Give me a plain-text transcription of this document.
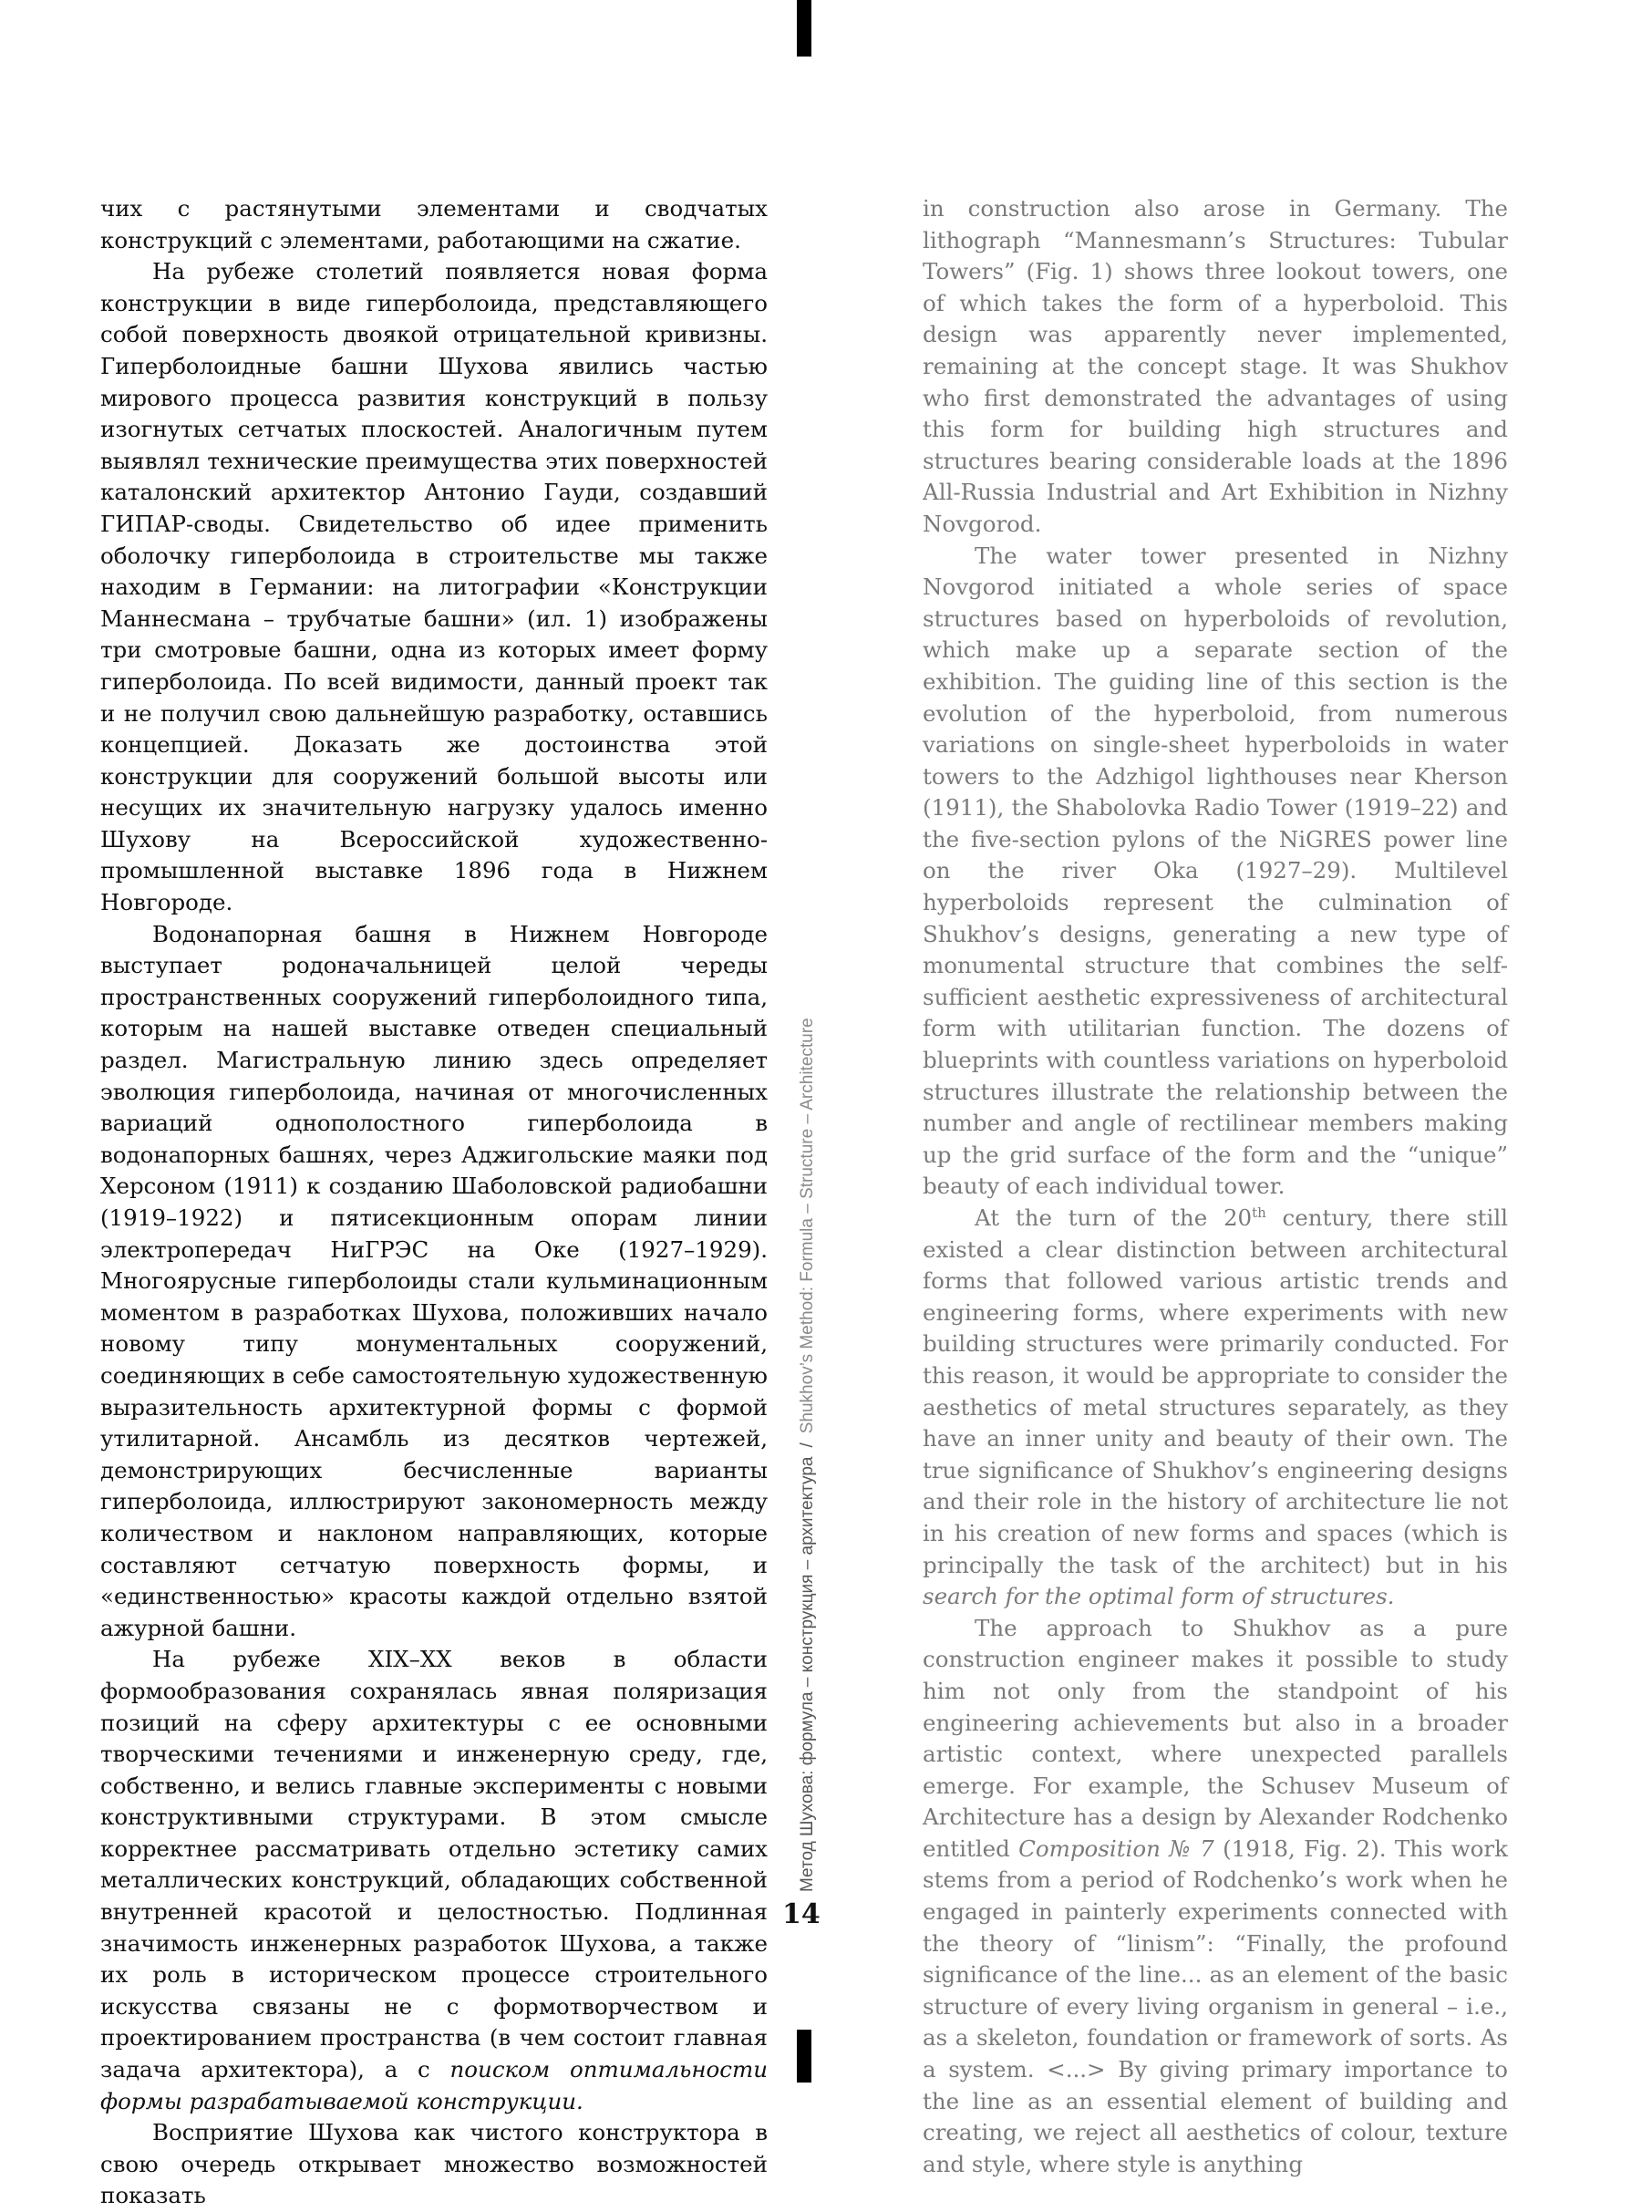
чих с растянутыми элементами и сводчатых конструкций с элементами, работающими на сжатие.

На рубеже столетий появляется новая форма конструкции в виде гиперболоида, представляющего собой поверхность двоякой отрицательной кривизны. Гиперболоидные башни Шухова явились частью мирового процесса развития конструкций в пользу изогнутых сетчатых плоскостей. Аналогичным путем выявлял технические преимущества этих поверхностей каталонский архитектор Антонио Гауди, создавший ГИПАР-своды. Свидетельство об идее применить оболочку гиперболоида в строительстве мы также находим в Германии: на литографии «Конструкции Маннесмана – трубчатые башни» (ил. 1) изображены три смотровые башни, одна из которых имеет форму гиперболоида. По всей видимости, данный проект так и не получил свою дальнейшую разработку, оставшись концепцией. Доказать же достоинства этой конструкции для сооружений большой высоты или несущих их значительную нагрузку удалось именно Шухову на Всероссийской художественно-промышленной выставке 1896 года в Нижнем Новгороде.

Водонапорная башня в Нижнем Новгороде выступает родоначальницей целой череды пространственных сооружений гиперболоидного типа, которым на нашей выставке отведен специальный раздел. Магистральную линию здесь определяет эволюция гиперболоида, начиная от многочисленных вариаций однополостного гиперболоида в водонапорных башнях, через Аджигольские маяки под Херсоном (1911) к созданию Шаболовской радиобашни (1919–1922) и пятисекционным опорам линии электропередач НиГРЭС на Оке (1927–1929). Многоярусные гиперболоиды стали кульминационным моментом в разработках Шухова, положивших начало новому типу монументальных сооружений, соединяющих в себе самостоятельную художественную выразительность архитектурной формы с формой утилитарной. Ансамбль из десятков чертежей, демонстрирующих бесчисленные варианты гиперболоида, иллюстрируют закономерность между количеством и наклоном направляющих, которые составляют сетчатую поверхность формы, и «единственностью» красоты каждой отдельно взятой ажурной башни.

На рубеже XIX–XX веков в области формообразования сохранялась явная поляризация позиций на сферу архитектуры с ее основными творческими течениями и инженерную среду, где, собственно, и велись главные эксперименты с новыми конструктивными структурами. В этом смысле корректнее рассматривать отдельно эстетику самих металлических конструкций, обладающих собственной внутренней красотой и целостностью. Подлинная значимость инженерных разработок Шухова, а также их роль в историческом процессе строительного искусства связаны не с формотворчеством и проектированием пространства (в чем состоит главная задача архитектора), а с поиском оптимальности формы разрабатываемой конструкции.

Восприятие Шухова как чистого конструктора в свою очередь открывает множество возможностей показать

Метод Шухова: формула – конструкция – архитектура/Shukhov’s Method: Formula – Structure – Architecture
14

in construction also arose in Germany. The lithograph “Mannesmann’s Structures: Tubular Towers” (Fig. 1) shows three lookout towers, one of which takes the form of a hyperboloid. This design was apparently never implemented, remaining at the concept stage. It was Shukhov who first demonstrated the advantages of using this form for building high structures and structures bearing considerable loads at the 1896 All-Russia Industrial and Art Exhibition in Nizhny Novgorod.

The water tower presented in Nizhny Novgorod initiated a whole series of space structures based on hyperboloids of revolution, which make up a separate section of the exhibition. The guiding line of this section is the evolution of the hyperboloid, from numerous variations on single-sheet hyperboloids in water towers to the Adzhigol lighthouses near Kherson (1911), the Shabolovka Radio Tower (1919–22) and the five-section pylons of the NiGRES power line on the river Oka (1927–29). Multilevel hyperboloids represent the culmination of Shukhov’s designs, generating a new type of monumental structure that combines the self-sufficient aesthetic expressiveness of architectural form with utilitarian function. The dozens of blueprints with countless variations on hyperboloid structures illustrate the relationship between the number and angle of rectilinear members making up the grid surface of the form and the “unique” beauty of each individual tower.

At the turn of the 20th century, there still existed a clear distinction between architectural forms that followed various artistic trends and engineering forms, where experiments with new building structures were primarily conducted. For this reason, it would be appropriate to consider the aesthetics of metal structures separately, as they have an inner unity and beauty of their own. The true significance of Shukhov’s engineering designs and their role in the history of architecture lie not in his creation of new forms and spaces (which is principally the task of the architect) but in his search for the optimal form of structures.

The approach to Shukhov as a pure construction engineer makes it possible to study him not only from the standpoint of his engineering achievements but also in a broader artistic context, where unexpected parallels emerge. For example, the Schusev Museum of Architecture has a design by Alexander Rodchenko entitled Composition № 7 (1918, Fig. 2). This work stems from a period of Rodchenko’s work when he engaged in painterly experiments connected with the theory of “linism”: “Finally, the profound significance of the line... as an element of the basic structure of every living organism in general – i.e., as a skeleton, foundation or framework of sorts. As a system. <...> By giving primary importance to the line as an essential element of building and creating, we reject all aesthetics of colour, texture and style, where style is anything
